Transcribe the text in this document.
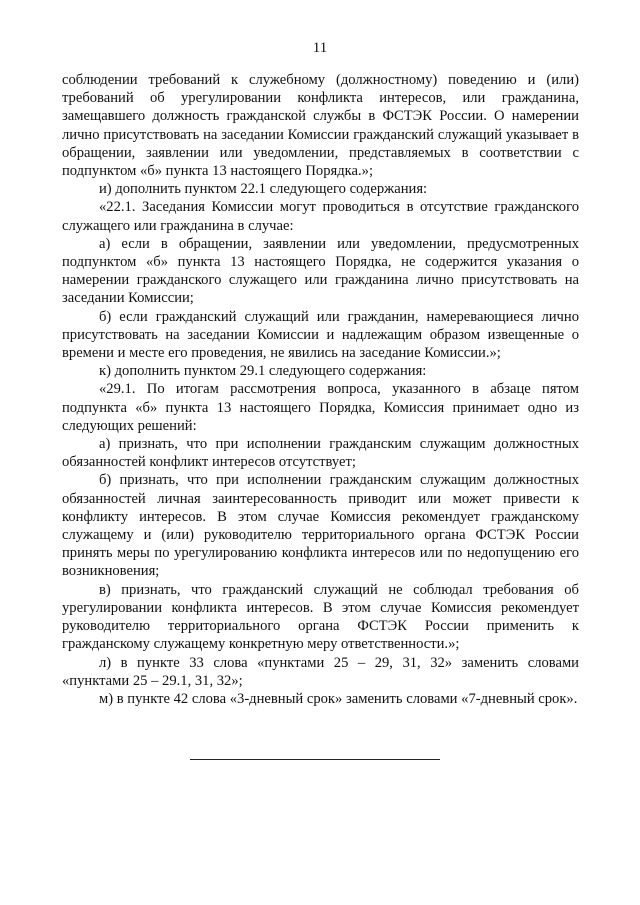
11

соблюдении требований к служебному (должностному) поведению и (или) требований об урегулировании конфликта интересов, или гражданина, замещавшего должность гражданской службы в ФСТЭК России. О намерении лично присутствовать на заседании Комиссии гражданский служащий указывает в обращении, заявлении или уведомлении, представляемых в соответствии с подпунктом «б» пункта 13 настоящего Порядка.»;

и) дополнить пунктом 22.1 следующего содержания:

«22.1. Заседания Комиссии могут проводиться в отсутствие гражданского служащего или гражданина в случае:

а) если в обращении, заявлении или уведомлении, предусмотренных подпунктом «б» пункта 13 настоящего Порядка, не содержится указания о намерении гражданского служащего или гражданина лично присутствовать на заседании Комиссии;

б) если гражданский служащий или гражданин, намеревающиеся лично присутствовать на заседании Комиссии и надлежащим образом извещенные о времени и месте его проведения, не явились на заседание Комиссии.»;

к) дополнить пунктом 29.1 следующего содержания:

«29.1. По итогам рассмотрения вопроса, указанного в абзаце пятом подпункта «б» пункта 13 настоящего Порядка, Комиссия принимает одно из следующих решений:

а) признать, что при исполнении гражданским служащим должностных обязанностей конфликт интересов отсутствует;

б) признать, что при исполнении гражданским служащим должностных обязанностей личная заинтересованность приводит или может привести к конфликту интересов. В этом случае Комиссия рекомендует гражданскому служащему и (или) руководителю территориального органа ФСТЭК России принять меры по урегулированию конфликта интересов или по недопущению его возникновения;

в) признать, что гражданский служащий не соблюдал требования об урегулировании конфликта интересов. В этом случае Комиссия рекомендует руководителю территориального органа ФСТЭК России применить к гражданскому служащему конкретную меру ответственности.»;

л) в пункте 33 слова «пунктами 25 – 29, 31, 32» заменить словами «пунктами 25 – 29.1, 31, 32»;

м) в пункте 42 слова «3-дневный срок» заменить словами «7-дневный срок».
